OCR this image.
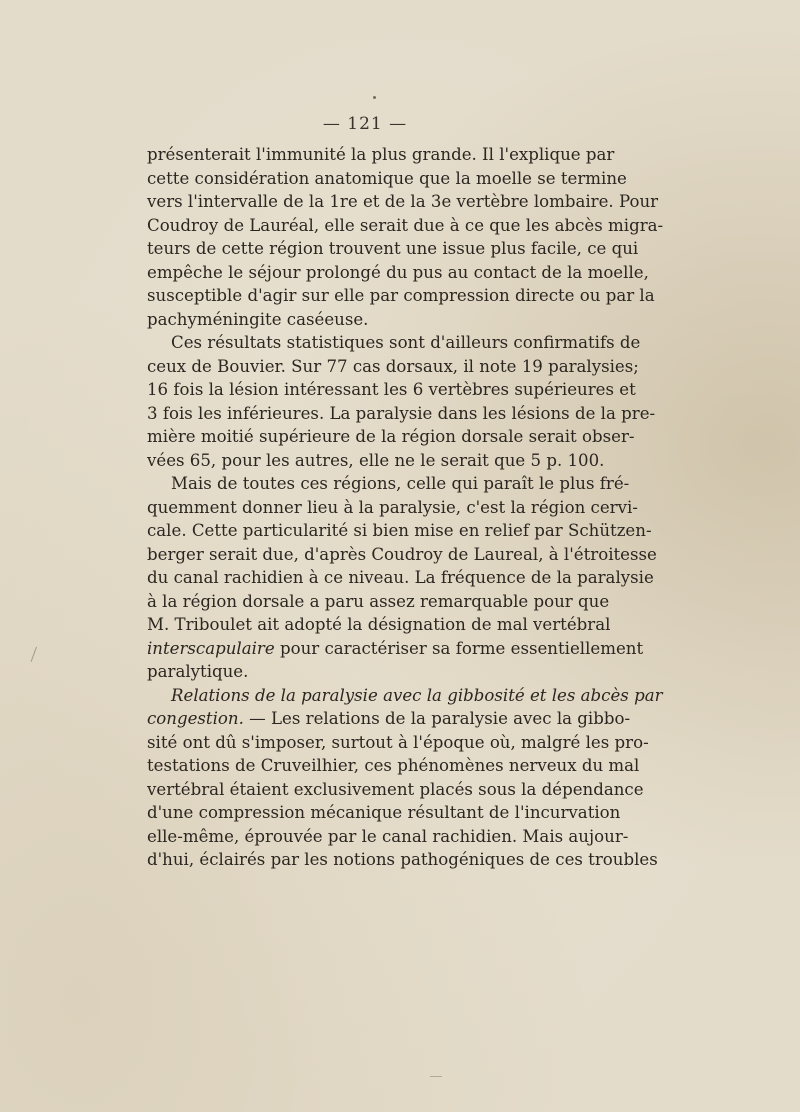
— 121 —
présenterait l'immunité la plus grande. Il l'explique par
cette considération anatomique que la moelle se termine
vers l'intervalle de la 1re et de la 3e vertèbre lombaire. Pour
Coudroy de Lauréal, elle serait due à ce que les abcès migra-
teurs de cette région trouvent une issue plus facile, ce qui
empêche le séjour prolongé du pus au contact de la moelle,
susceptible d'agir sur elle par compression directe ou par la
pachyméningite caséeuse.
Ces résultats statistiques sont d'ailleurs confirmatifs de
ceux de Bouvier. Sur 77 cas dorsaux, il note 19 paralysies;
16 fois la lésion intéressant les 6 vertèbres supérieures et
3 fois les inférieures. La paralysie dans les lésions de la pre-
mière moitié supérieure de la région dorsale serait obser-
vées 65, pour les autres, elle ne le serait que 5 p. 100.
Mais de toutes ces régions, celle qui paraît le plus fré-
quemment donner lieu à la paralysie, c'est la région cervi-
cale. Cette particularité si bien mise en relief par Schützen-
berger serait due, d'après Coudroy de Laureal, à l'étroitesse
du canal rachidien à ce niveau. La fréquence de la paralysie
à la région dorsale a paru assez remarquable pour que
M. Triboulet ait adopté la désignation de mal vertébral
interscapulaire pour caractériser sa forme essentiellement
paralytique.
Relations de la paralysie avec la gibbosité et les abcès par
congestion. — Les relations de la paralysie avec la gibbo-
sité ont dû s'imposer, surtout à l'époque où, malgré les pro-
testations de Cruveilhier, ces phénomènes nerveux du mal
vertébral étaient exclusivement placés sous la dépendance
d'une compression mécanique résultant de l'incurvation
elle-même, éprouvée par le canal rachidien. Mais aujour-
d'hui, éclairés par les notions pathogéniques de ces troubles
